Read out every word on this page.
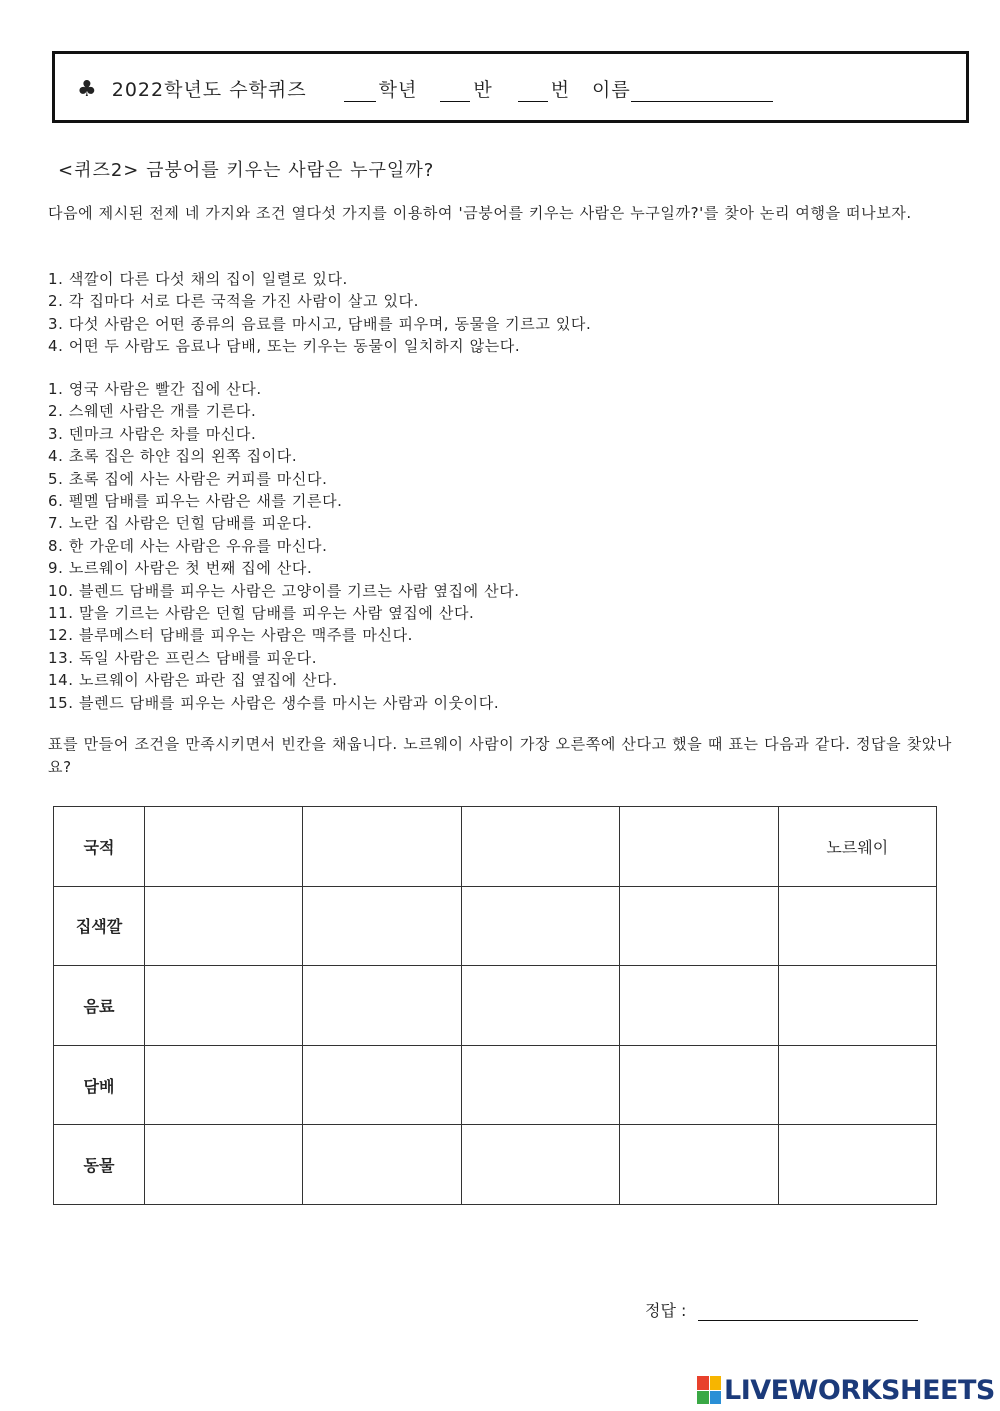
♣ 2022학년도 수학퀴즈	학년	반	번 이름
<퀴즈2> 금붕어를 키우는 사람은 누구일까?

다음에 제시된 전제 네 가지와 조건 열다섯 가지를 이용하여 '금붕어를 키우는 사람은 누구일까?'를 찾아 논리 여행을 떠나보자.

1. 색깔이 다른 다섯 채의 집이 일렬로 있다.
2. 각 집마다 서로 다른 국적을 가진 사람이 살고 있다.
3. 다섯 사람은 어떤 종류의 음료를 마시고, 담배를 피우며, 동물을 기르고 있다.
4. 어떤 두 사람도 음료나 담배, 또는 키우는 동물이 일치하지 않는다.
1. 영국 사람은 빨간 집에 산다.
2. 스웨덴 사람은 개를 기른다.
3. 덴마크 사람은 차를 마신다.
4. 초록 집은 하얀 집의 왼쪽 집이다.
5. 초록 집에 사는 사람은 커피를 마신다.
6. 펠멜 담배를 피우는 사람은 새를 기른다.
7. 노란 집 사람은 던힐 담배를 피운다.
8. 한 가운데 사는 사람은 우유를 마신다.
9. 노르웨이 사람은 첫 번째 집에 산다.
10. 블렌드 담배를 피우는 사람은 고양이를 기르는 사람 옆집에 산다.
11. 말을 기르는 사람은 던힐 담배를 피우는 사람 옆집에 산다.
12. 블루메스터 담배를 피우는 사람은 맥주를 마신다.
13. 독일 사람은 프린스 담배를 피운다.
14. 노르웨이 사람은 파란 집 옆집에 산다.
15. 블렌드 담배를 피우는 사람은 생수를 마시는 사람과 이웃이다.

표를 만들어 조건을 만족시키면서 빈칸을 채웁니다. 노르웨이 사람이 가장 오른쪽에 산다고 했을 때 표는 다음과 같다. 정답을 찾았나요?

국적					노르웨이
집색깔					
음료					
담배					
동물					
정답 :
LIVEWORKSHEETS
